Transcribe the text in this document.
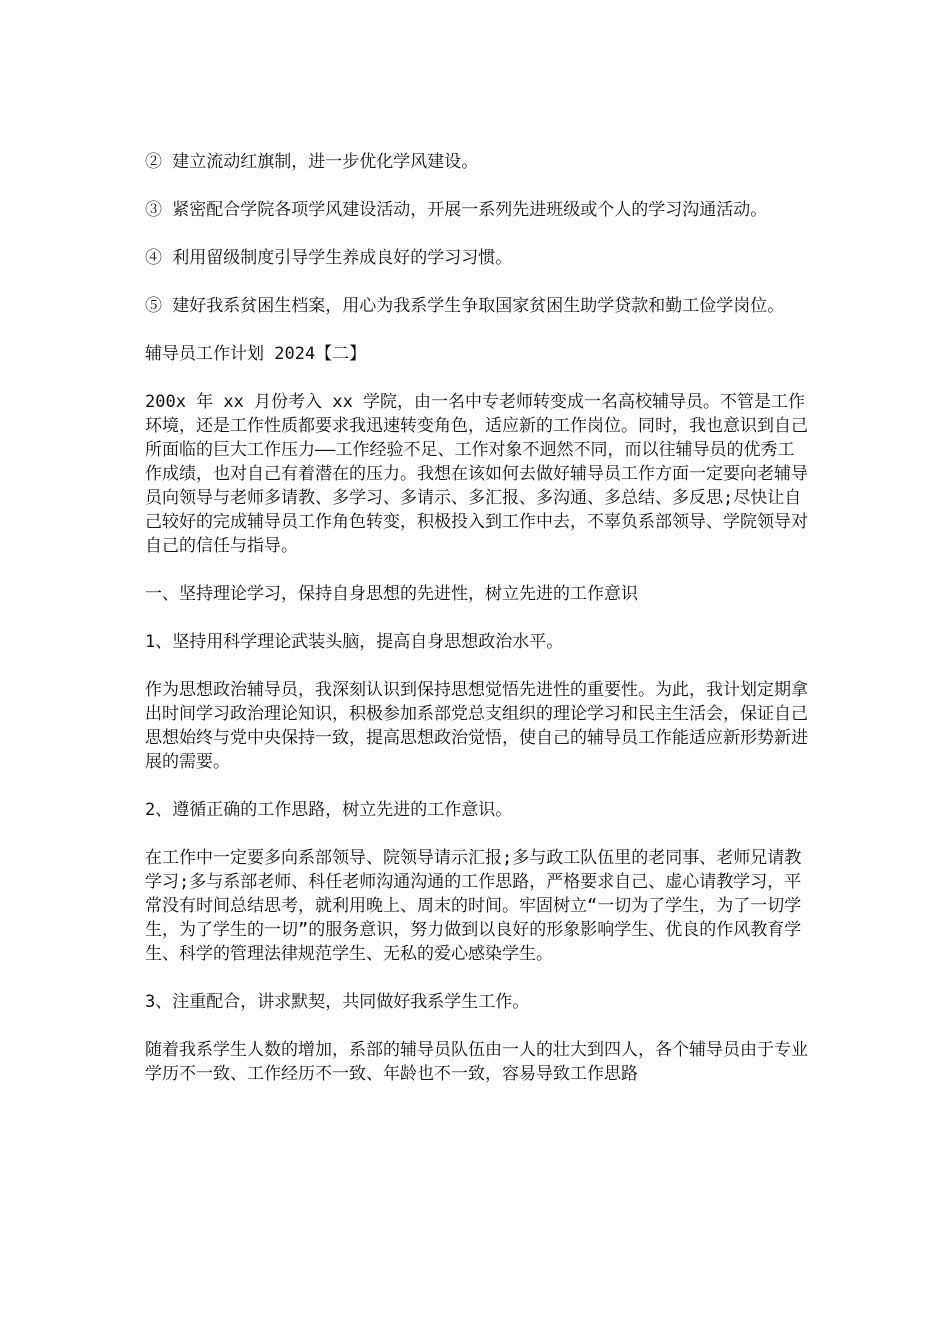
② 建立流动红旗制，进一步优化学风建设。

③ 紧密配合学院各项学风建设活动，开展一系列先进班级或个人的学习沟通活动。

④ 利用留级制度引导学生养成良好的学习习惯。

⑤ 建好我系贫困生档案，用心为我系学生争取国家贫困生助学贷款和勤工俭学岗位。

辅导员工作计划 2024【二】

200x 年 xx 月份考入 xx 学院，由一名中专老师转变成一名高校辅导员。不管是工作环境，还是工作性质都要求我迅速转变角色，适应新的工作岗位。同时，我也意识到自己所面临的巨大工作压力——工作经验不足、工作对象不迥然不同，而以往辅导员的优秀工作成绩，也对自己有着潜在的压力。我想在该如何去做好辅导员工作方面一定要向老辅导员向领导与老师多请教、多学习、多请示、多汇报、多沟通、多总结、多反思;尽快让自己较好的完成辅导员工作角色转变，积极投入到工作中去，不辜负系部领导、学院领导对自己的信任与指导。

一、坚持理论学习，保持自身思想的先进性，树立先进的工作意识

1、坚持用科学理论武装头脑，提高自身思想政治水平。

作为思想政治辅导员，我深刻认识到保持思想觉悟先进性的重要性。为此，我计划定期拿出时间学习政治理论知识，积极参加系部党总支组织的理论学习和民主生活会，保证自己思想始终与党中央保持一致，提高思想政治觉悟，使自己的辅导员工作能适应新形势新进展的需要。

2、遵循正确的工作思路，树立先进的工作意识。

在工作中一定要多向系部领导、院领导请示汇报;多与政工队伍里的老同事、老师兄请教学习;多与系部老师、科任老师沟通沟通的工作思路，严格要求自己、虚心请教学习，平常没有时间总结思考，就利用晚上、周末的时间。牢固树立“一切为了学生，为了一切学生，为了学生的一切”的服务意识，努力做到以良好的形象影响学生、优良的作风教育学生、科学的管理法律规范学生、无私的爱心感染学生。

3、注重配合，讲求默契，共同做好我系学生工作。

随着我系学生人数的增加，系部的辅导员队伍由一人的壮大到四人，各个辅导员由于专业学历不一致、工作经历不一致、年龄也不一致，容易导致工作思路
